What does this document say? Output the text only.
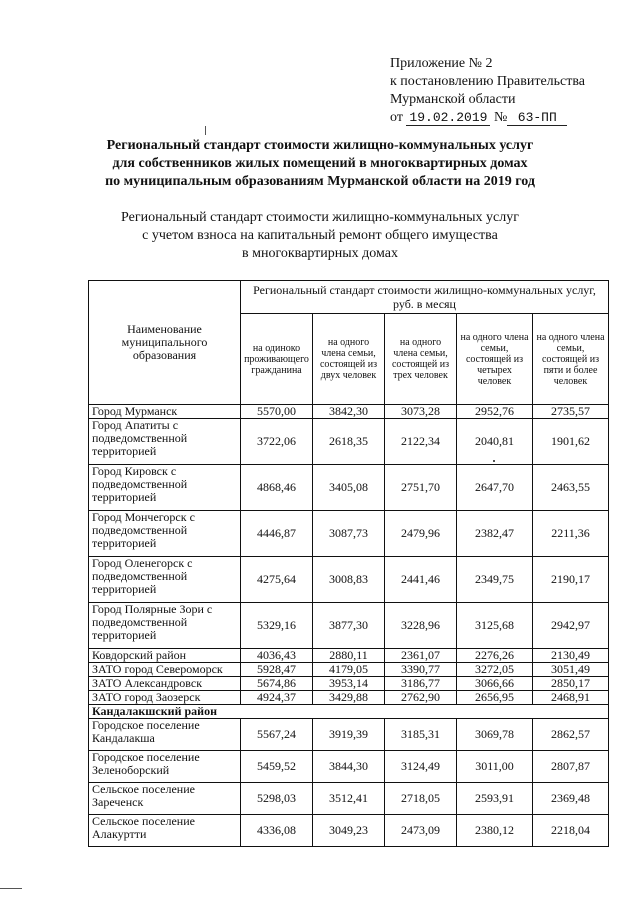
Приложение № 2
к постановлению Правительства
Мурманской области
от 19.02.2019 № 63-ПП
Региональный стандарт стоимости жилищно-коммунальных услуг
для собственников жилых помещений в многоквартирных домах
по муниципальным образованиям Мурманской области на 2019 год
Региональный стандарт стоимости жилищно-коммунальных услуг
с учетом взноса на капитальный ремонт общего имущества
в многоквартирных домах
Наименование муниципального образования	Региональный стандарт стоимости жилищно-коммунальных услуг, руб. в месяц				
	на одиноко проживающего гражданина	на одного члена семьи, состоящей из двух человек	на одного члена семьи, состоящей из трех человек	на одного члена семьи, состоящей из четырех человек	на одного члена семьи, состоящей из пяти и более человек
Город Мурманск	5570,00	3842,30	3073,28	2952,76	2735,57
Город Апатиты с подведомственной территорией	3722,06	2618,35	2122,34	2040,81	1901,62
Город Кировск с подведомственной территорией	4868,46	3405,08	2751,70	2647,70	2463,55
Город Мончегорск с подведомственной территорией	4446,87	3087,73	2479,96	2382,47	2211,36
Город Оленегорск с подведомственной территорией	4275,64	3008,83	2441,46	2349,75	2190,17
Город Полярные Зори с подведомственной территорией	5329,16	3877,30	3228,96	3125,68	2942,97
Ковдорский район	4036,43	2880,11	2361,07	2276,26	2130,49
ЗАТО город Североморск	5928,47	4179,05	3390,77	3272,05	3051,49
ЗАТО Александровск	5674,86	3953,14	3186,77	3066,66	2850,17
ЗАТО город Заозерск	4924,37	3429,88	2762,90	2656,95	2468,91
Кандалакшский район					
Городское поселение Кандалакша	5567,24	3919,39	3185,31	3069,78	2862,57
Городское поселение Зеленоборский	5459,52	3844,30	3124,49	3011,00	2807,87
Сельское поселение Зареченск	5298,03	3512,41	2718,05	2593,91	2369,48
Сельское поселение Алакуртти	4336,08	3049,23	2473,09	2380,12	2218,04
